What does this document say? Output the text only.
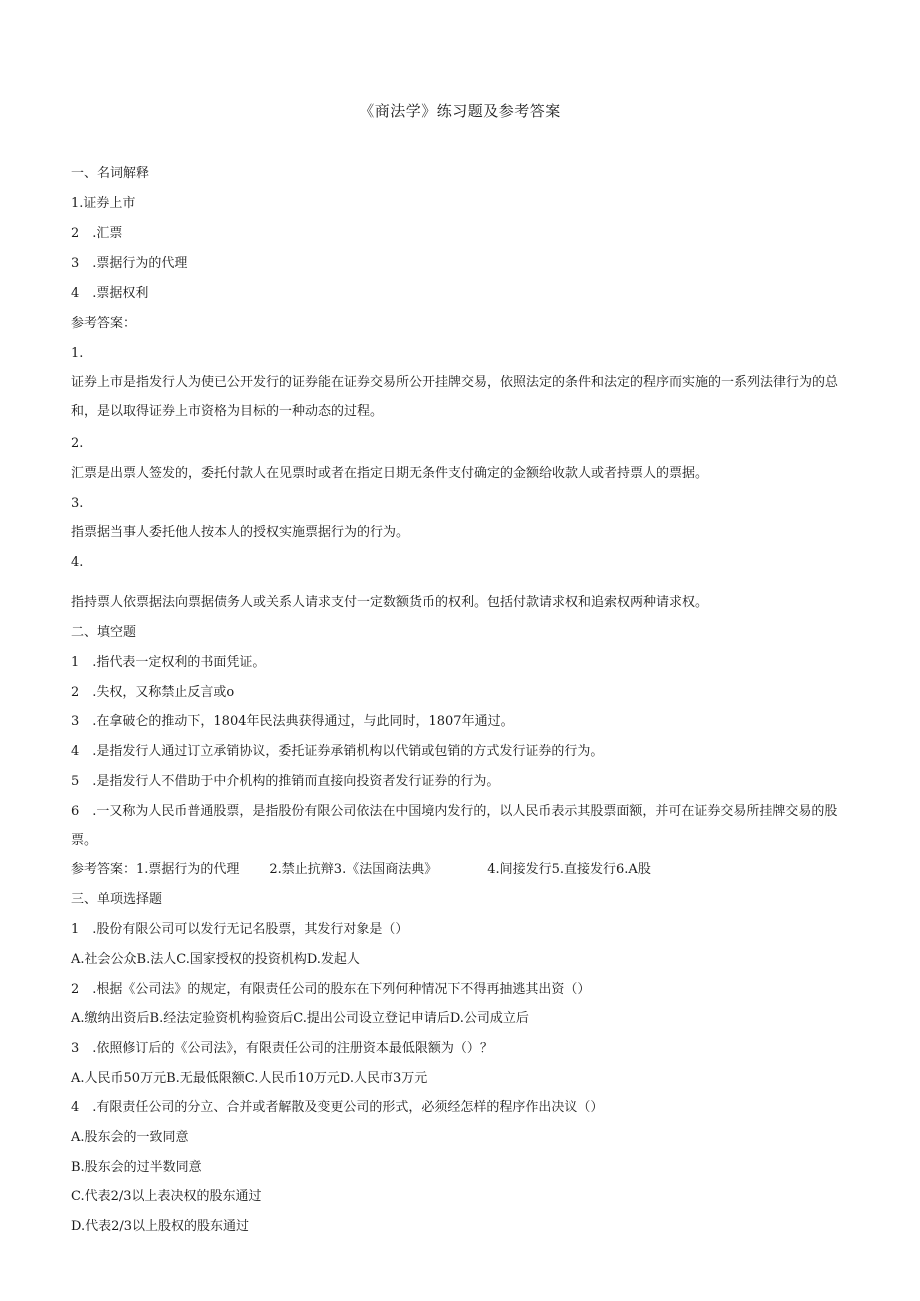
《商法学》练习题及参考答案
一、名词解释
1.证券上市
2　.汇票
3　.票据行为的代理
4　.票据权利
参考答案：
1.
证券上市是指发行人为使已公开发行的证券能在证券交易所公开挂牌交易，依照法定的条件和法定的程序而实施的一系列法律行为的总和，是以取得证券上市资格为目标的一种动态的过程。
2.
汇票是出票人签发的，委托付款人在见票时或者在指定日期无条件支付确定的金额给收款人或者持票人的票据。
3.
指票据当事人委托他人按本人的授权实施票据行为的行为。
4.
指持票人依票据法向票据债务人或关系人请求支付一定数额货币的权利。包括付款请求权和追索权两种请求权。
二、填空题
1　.指代表一定权利的书面凭证。
2　.失权，又称禁止反言或o
3　.在拿破仑的推动下，1804年民法典获得通过，与此同时，1807年通过。
4　.是指发行人通过订立承销协议，委托证券承销机构以代销或包销的方式发行证券的行为。
5　.是指发行人不借助于中介机构的推销而直接向投资者发行证券的行为。
6　.一又称为人民币普通股票，是指股份有限公司依法在中国境内发行的，以人民币表示其股票面额，并可在证券交易所挂牌交易的股票。
参考答案：1.票据行为的代理 2.禁止抗辩3.《法国商法典》	4.间接发行5.直接发行6.A股
三、单项选择题
1　.股份有限公司可以发行无记名股票，其发行对象是（）
A.社会公众B.法人C.国家授权的投资机构D.发起人
2　.根据《公司法》的规定，有限责任公司的股东在下列何种情况下不得再抽逃其出资（）
A.缴纳出资后B.经法定验资机构验资后C.提出公司设立登记申请后D.公司成立后
3　.依照修订后的《公司法》，有限责任公司的注册资本最低限额为（）？
A.人民币50万元B.无最低限额C.人民币10万元D.人民市3万元
4　.有限责任公司的分立、合并或者解散及变更公司的形式，必须经怎样的程序作出决议（）
A.股东会的一致同意
B.股东会的过半数同意
C.代表2/3以上表决权的股东通过
D.代表2/3以上股权的股东通过
